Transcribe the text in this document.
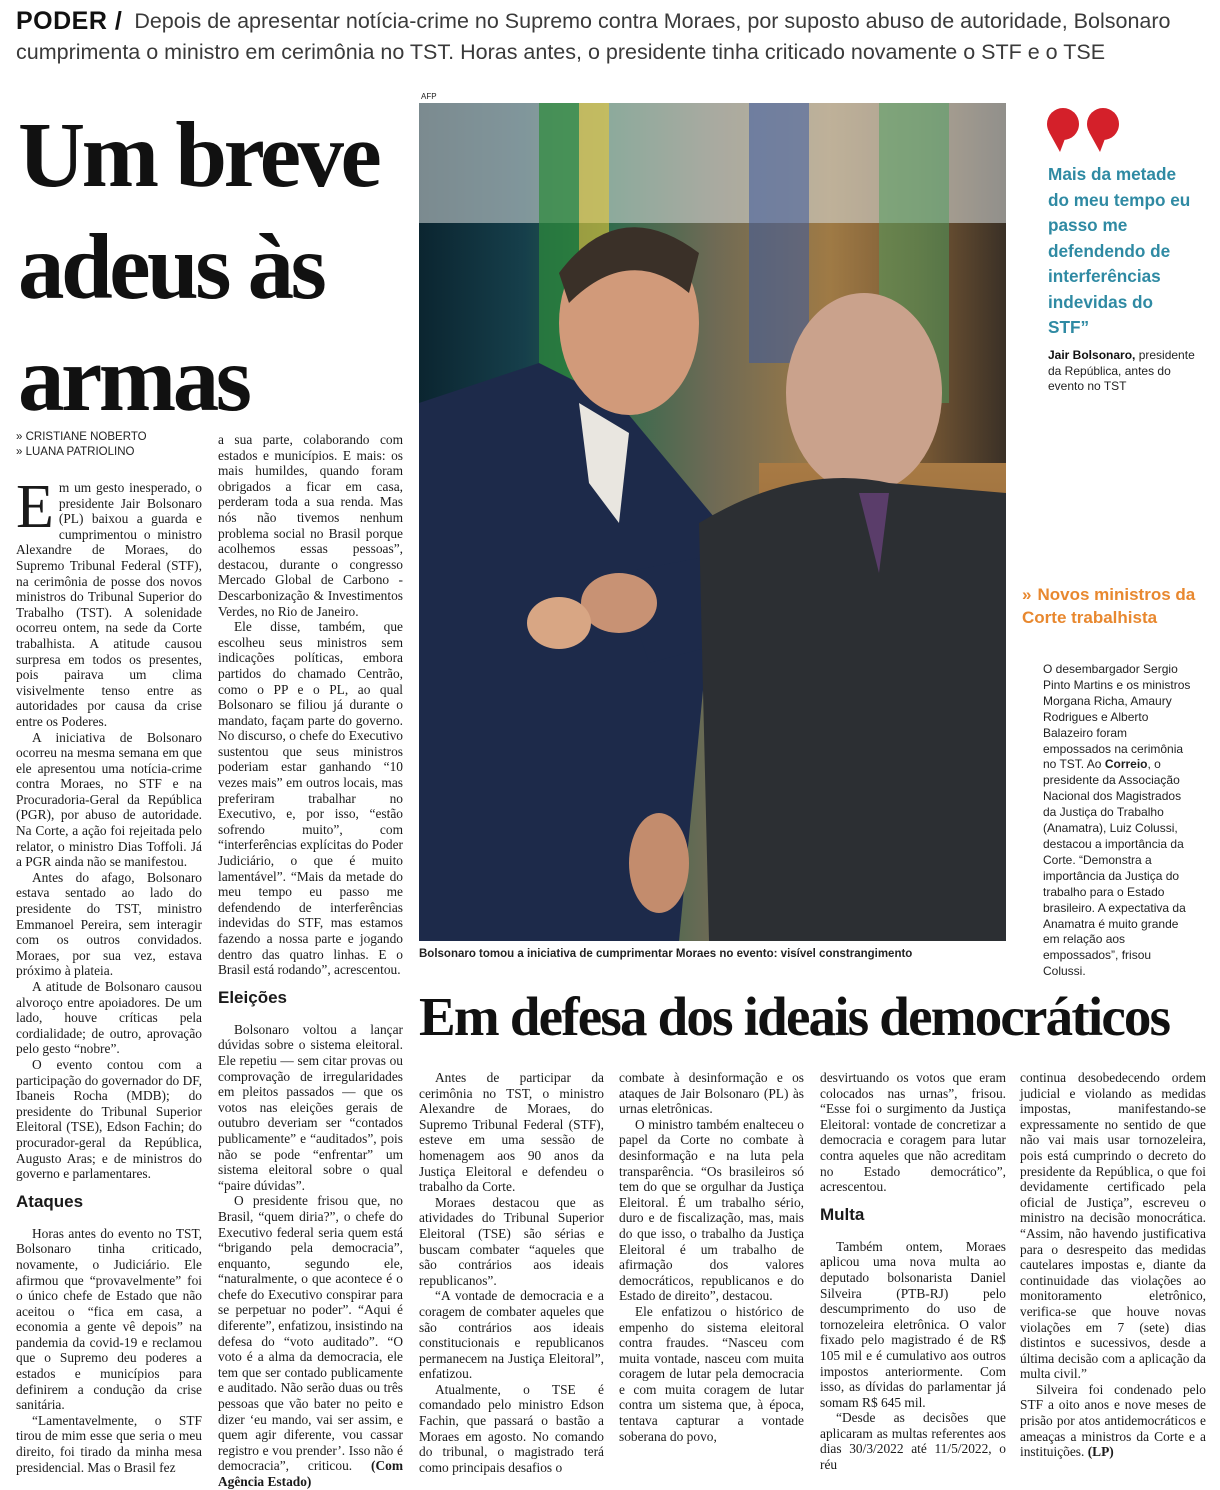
PODER / Depois de apresentar notícia-crime no Supremo contra Moraes, por suposto abuso de autoridade, Bolsonaro cumprimenta o ministro em cerimônia no TST. Horas antes, o presidente tinha criticado novamente o STF e o TSE
Um breve adeus às armas
» CRISTIANE NOBERTO
» LUANA PATRIOLINO

Em um gesto inesperado, o presidente Jair Bolsonaro (PL) baixou a guarda e cumprimentou o ministro Alexandre de Moraes, do Supremo Tribunal Federal (STF), na cerimônia de posse dos novos ministros do Tribunal Superior do Trabalho (TST). A solenidade ocorreu ontem, na sede da Corte trabalhista. A atitude causou surpresa em todos os presentes, pois pairava um clima visivelmente tenso entre as autoridades por causa da crise entre os Poderes.

A iniciativa de Bolsonaro ocorreu na mesma semana em que ele apresentou uma notícia-crime contra Moraes, no STF e na Procuradoria-Geral da República (PGR), por abuso de autoridade. Na Corte, a ação foi rejeitada pelo relator, o ministro Dias Toffoli. Já a PGR ainda não se manifestou.

Antes do afago, Bolsonaro estava sentado ao lado do presidente do TST, ministro Emmanoel Pereira, sem interagir com os outros convidados. Moraes, por sua vez, estava próximo à plateia.

A atitude de Bolsonaro causou alvoroço entre apoiadores. De um lado, houve críticas pela cordialidade; de outro, aprovação pelo gesto “nobre”.

O evento contou com a participação do governador do DF, Ibaneis Rocha (MDB); do presidente do Tribunal Superior Eleitoral (TSE), Edson Fachin; do procurador-geral da República, Augusto Aras; e de ministros do governo e parlamentares.

Ataques

Horas antes do evento no TST, Bolsonaro tinha criticado, novamente, o Judiciário. Ele afirmou que “provavelmente” foi o único chefe de Estado que não aceitou o “fica em casa, a economia a gente vê depois” na pandemia da covid-19 e reclamou que o Supremo deu poderes a estados e municípios para definirem a condução da crise sanitária.

“Lamentavelmente, o STF tirou de mim esse que seria o meu direito, foi tirado da minha mesa presidencial. Mas o Brasil fez

a sua parte, colaborando com estados e municípios. E mais: os mais humildes, quando foram obrigados a ficar em casa, perderam toda a sua renda. Mas nós não tivemos nenhum problema social no Brasil porque acolhemos essas pessoas”, destacou, durante o congresso Mercado Global de Carbono - Descarbonização & Investimentos Verdes, no Rio de Janeiro.

Ele disse, também, que escolheu seus ministros sem indicações políticas, embora partidos do chamado Centrão, como o PP e o PL, ao qual Bolsonaro se filiou já durante o mandato, façam parte do governo. No discurso, o chefe do Executivo sustentou que seus ministros poderiam estar ganhando “10 vezes mais” em outros locais, mas preferiram trabalhar no Executivo, e, por isso, “estão sofrendo muito”, com “interferências explícitas do Poder Judiciário, o que é muito lamentável”. “Mais da metade do meu tempo eu passo me defendendo de interferências indevidas do STF, mas estamos fazendo a nossa parte e jogando dentro das quatro linhas. E o Brasil está rodando”, acrescentou.

Eleições

Bolsonaro voltou a lançar dúvidas sobre o sistema eleitoral. Ele repetiu — sem citar provas ou comprovação de irregularidades em pleitos passados — que os votos nas eleições gerais de outubro deveriam ser “contados publicamente” e “auditados”, pois não se pode “enfrentar” um sistema eleitoral sobre o qual “paire dúvidas”.

O presidente frisou que, no Brasil, “quem diria?”, o chefe do Executivo federal seria quem está “brigando pela democracia”, enquanto, segundo ele, “naturalmente, o que acontece é o chefe do Executivo conspirar para se perpetuar no poder”. “Aqui é diferente”, enfatizou, insistindo na defesa do “voto auditado”. “O voto é a alma da democracia, ele tem que ser contado publicamente e auditado. Não serão duas ou três pessoas que vão bater no peito e dizer ‘eu mando, vai ser assim, e quem agir diferente, vou cassar registro e vou prender’. Isso não é democracia”, criticou. (Com Agência Estado)

AFP
Bolsonaro tomou a iniciativa de cumprimentar Moraes no evento: visível constrangimento
Mais da metade do meu tempo eu passo me defendendo de interferências indevidas do STF”
Jair Bolsonaro, presidente da República, antes do evento no TST
» Novos ministros da Corte trabalhista
O desembargador Sergio Pinto Martins e os ministros Morgana Richa, Amaury Rodrigues e Alberto Balazeiro foram empossados na cerimônia no TST. Ao Correio, o presidente da Associação Nacional dos Magistrados da Justiça do Trabalho (Anamatra), Luiz Colussi, destacou a importância da Corte. “Demonstra a importância da Justiça do trabalho para o Estado brasileiro. A expectativa da Anamatra é muito grande em relação aos empossados”, frisou Colussi.
Em defesa dos ideais democráticos

Antes de participar da cerimônia no TST, o ministro Alexandre de Moraes, do Supremo Tribunal Federal (STF), esteve em uma sessão de homenagem aos 90 anos da Justiça Eleitoral e defendeu o trabalho da Corte.

Moraes destacou que as atividades do Tribunal Superior Eleitoral (TSE) são sérias e buscam combater “aqueles que são contrários aos ideais republicanos”.

“A vontade de democracia e a coragem de combater aqueles que são contrários aos ideais constitucionais e republicanos permanecem na Justiça Eleitoral”, enfatizou.

Atualmente, o TSE é comandado pelo ministro Edson Fachin, que passará o bastão a Moraes em agosto. No comando do tribunal, o magistrado terá como principais desafios o

combate à desinformação e os ataques de Jair Bolsonaro (PL) às urnas eletrônicas.

O ministro também enalteceu o papel da Corte no combate à desinformação e na luta pela transparência. “Os brasileiros só tem do que se orgulhar da Justiça Eleitoral. É um trabalho sério, duro e de fiscalização, mas, mais do que isso, o trabalho da Justiça Eleitoral é um trabalho de afirmação dos valores democráticos, republicanos e do Estado de direito”, destacou.

Ele enfatizou o histórico de empenho do sistema eleitoral contra fraudes. “Nasceu com muita vontade, nasceu com muita coragem de lutar pela democracia e com muita coragem de lutar contra um sistema que, à época, tentava capturar a vontade soberana do povo,

desvirtuando os votos que eram colocados nas urnas”, frisou. “Esse foi o surgimento da Justiça Eleitoral: vontade de concretizar a democracia e coragem para lutar contra aqueles que não acreditam no Estado democrático”, acrescentou.

Multa

Também ontem, Moraes aplicou uma nova multa ao deputado bolsonarista Daniel Silveira (PTB-RJ) pelo descumprimento do uso de tornozeleira eletrônica. O valor fixado pelo magistrado é de R$ 105 mil e é cumulativo aos outros impostos anteriormente. Com isso, as dívidas do parlamentar já somam R$ 645 mil.

“Desde as decisões que aplicaram as multas referentes aos dias 30/3/2022 até 11/5/2022, o réu

continua desobedecendo ordem judicial e violando as medidas impostas, manifestando-se expressamente no sentido de que não vai mais usar tornozeleira, pois está cumprindo o decreto do presidente da República, o que foi devidamente certificado pela oficial de Justiça”, escreveu o ministro na decisão monocrática. “Assim, não havendo justificativa para o desrespeito das medidas cautelares impostas e, diante da continuidade das violações ao monitoramento eletrônico, verifica-se que houve novas violações em 7 (sete) dias distintos e sucessivos, desde a última decisão com a aplicação da multa civil.”

Silveira foi condenado pelo STF a oito anos e nove meses de prisão por atos antidemocráticos e ameaças a ministros da Corte e a instituições. (LP)
